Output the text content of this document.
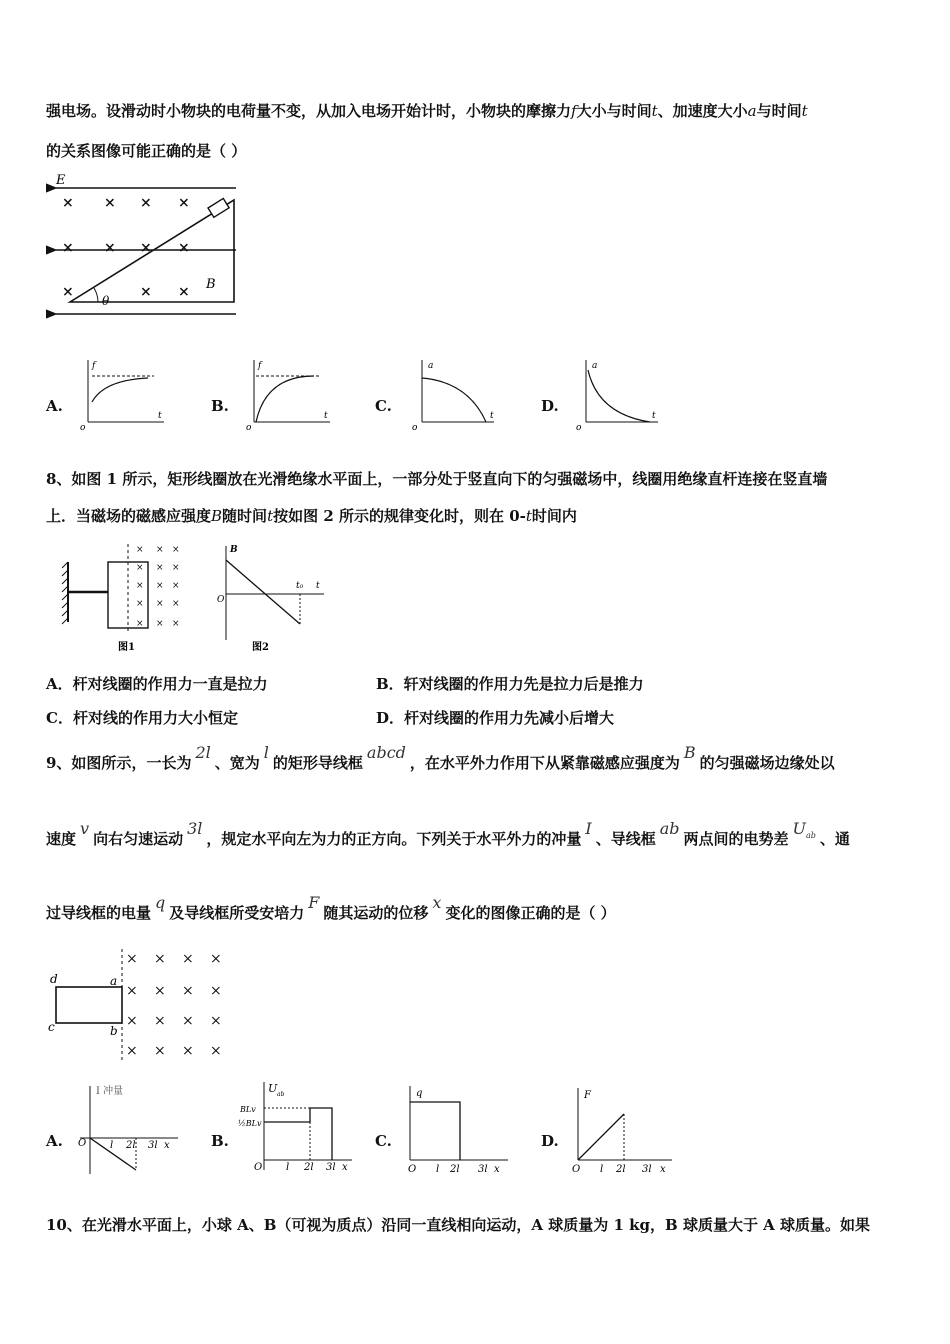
强电场。设滑动时小物块的电荷量不变，从加入电场开始计时，小物块的摩擦力f大小与时间t、加速度大小a与时间t
的关系图像可能正确的是（ ）
E
θ
B
× × × ×
× × × ×
×	× ×
A.
f
t
o
B.
f
t
o
C.
a
t
o
D.
a
t
o
8、如图 1 所示，矩形线圈放在光滑绝缘水平面上，一部分处于竖直向下的匀强磁场中，线圈用绝缘直杆连接在竖直墙
上．当磁场的磁感应强度B随时间t按如图 2 所示的规律变化时，则在 0-t时间内
× × ×
× × ×
× × ×
× × ×
× × ×
图1
B
O
t₀ t
图2
A．杆对线圈的作用力一直是拉力	B．轩对线圈的作用力先是拉力后是推力
C．杆对线的作用力大小恒定	D．杆对线圈的作用力先减小后增大
9、如图所示，一长为2l、宽为l的矩形导线框abcd，在水平外力作用下从紧靠磁感应强度为B的匀强磁场边缘处以
速度v向右匀速运动3l，规定水平向左为力的正方向。下列关于水平外力的冲量I、导线框ab两点间的电势差$U_{ab}$ 、通
过导线框的电量q及导线框所受安培力F随其运动的位移x变化的图像正确的是（ ）
d	a
c	b
× × × ×
× × × ×
× × × ×
× × × ×
A.
I 冲量
O l 2l 3l x	B.
U ab
BLv
½BLv
O l 2l 3l x
C.
q
O l 2l 3l x
D.
F
O l 2l 3l x
10、在光滑水平面上，小球 A、B（可视为质点）沿同一直线相向运动，A 球质量为 1 kg，B 球质量大于 A 球质量。如果
